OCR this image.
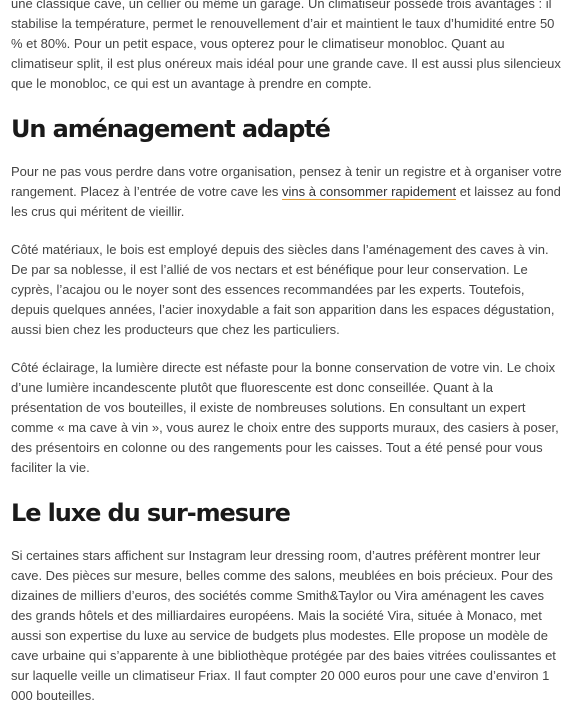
une classique cave, un cellier ou même un garage. Un climatiseur possède trois avantages : il stabilise la température, permet le renouvellement d’air et maintient le taux d’humidité entre 50 % et 80%. Pour un petit espace, vous opterez pour le climatiseur monobloc. Quant au climatiseur split, il est plus onéreux mais idéal pour une grande cave. Il est aussi plus silencieux que le monobloc, ce qui est un avantage à prendre en compte.

Un aménagement adapté

Pour ne pas vous perdre dans votre organisation, pensez à tenir un registre et à organiser votre rangement. Placez à l’entrée de votre cave les vins à consommer rapidement et laissez au fond les crus qui méritent de vieillir.

Côté matériaux, le bois est employé depuis des siècles dans l’aménagement des caves à vin. De par sa noblesse, il est l’allié de vos nectars et est bénéfique pour leur conservation. Le cyprès, l’acajou ou le noyer sont des essences recommandées par les experts. Toutefois, depuis quelques années, l’acier inoxydable a fait son apparition dans les espaces dégustation, aussi bien chez les producteurs que chez les particuliers.

Côté éclairage, la lumière directe est néfaste pour la bonne conservation de votre vin. Le choix d’une lumière incandescente plutôt que fluorescente est donc conseillée. Quant à la présentation de vos bouteilles, il existe de nombreuses solutions. En consultant un expert comme « ma cave à vin », vous aurez le choix entre des supports muraux, des casiers à poser, des présentoirs en colonne ou des rangements pour les caisses. Tout a été pensé pour vous faciliter la vie.

Le luxe du sur-mesure

Si certaines stars affichent sur Instagram leur dressing room, d’autres préfèrent montrer leur cave. Des pièces sur mesure, belles comme des salons, meublées en bois précieux. Pour des dizaines de milliers d’euros, des sociétés comme Smith&Taylor ou Vira aménagent les caves des grands hôtels et des milliardaires européens. Mais la société Vira, située à Monaco, met aussi son expertise du luxe au service de budgets plus modestes. Elle propose un modèle de cave urbaine qui s’apparente à une bibliothèque protégée par des baies vitrées coulissantes et sur laquelle veille un climatiseur Friax. Il faut compter 20 000 euros pour une cave d’environ 1 000 bouteilles.
